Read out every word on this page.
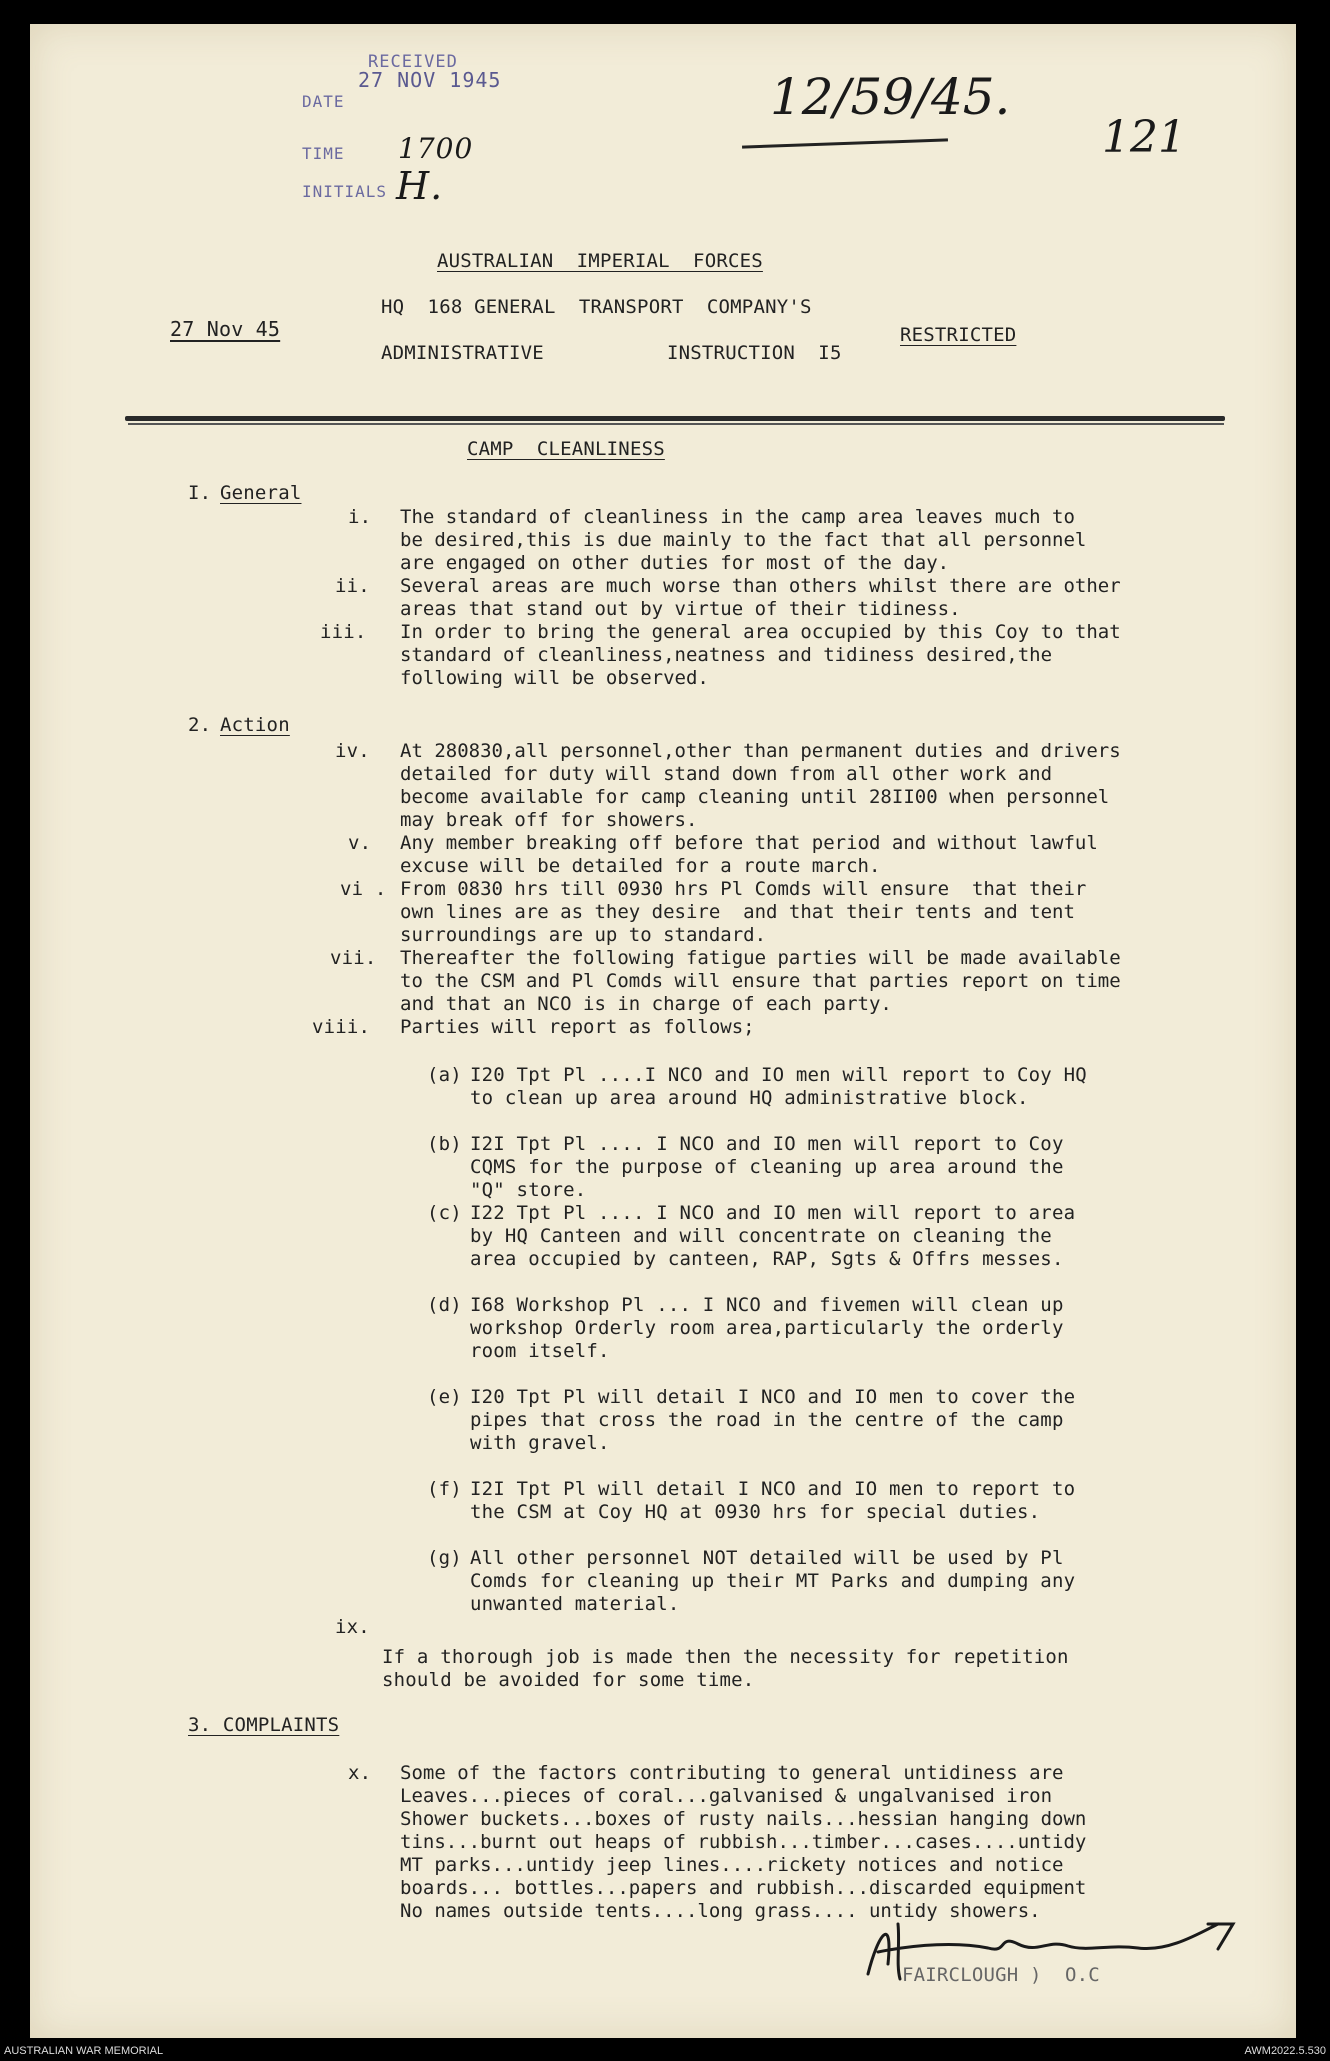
RECEIVED
DATE
27 NOV 1945
TIME 1700
INITIALS H.
12/59/45.
121
AUSTRALIAN  IMPERIAL  FORCES
HQ  168 GENERAL  TRANSPORT  COMPANY'S
ADMINISTRATIVE	INSTRUCTION  I5
27 Nov 45	RESTRICTED
CAMP  CLEANLINESS
I. General
i. The standard of cleanliness in the camp area leaves much to
be desired,this is due mainly to the fact that all personnel
are engaged on other duties for most of the day.
ii. Several areas are much worse than others whilst there are other
areas that stand out by virtue of their tidiness.
iii. In order to bring the general area occupied by this Coy to that
standard of cleanliness,neatness and tidiness desired,the
following will be observed.
2. Action
iv. At 280830,all personnel,other than permanent duties and drivers
detailed for duty will stand down from all other work and
become available for camp cleaning until 28II00 when personnel
may break off for showers.
v. Any member breaking off before that period and without lawful
excuse will be detailed for a route march.
vi . From 0830 hrs till 0930 hrs Pl Comds will ensure  that their
own lines are as they desire  and that their tents and tent
surroundings are up to standard.
vii. Thereafter the following fatigue parties will be made available
to the CSM and Pl Comds will ensure that parties report on time
and that an NCO is in charge of each party.
viii. Parties will report as follows;
(a) I20 Tpt Pl ....I NCO and IO men will report to Coy HQ
to clean up area around HQ administrative block.
(b) I2I Tpt Pl .... I NCO and IO men will report to Coy
CQMS for the purpose of cleaning up area around the
"Q" store.
(c) I22 Tpt Pl .... I NCO and IO men will report to area
by HQ Canteen and will concentrate on cleaning the
area occupied by canteen, RAP, Sgts & Offrs messes.
(d) I68 Workshop Pl ... I NCO and fivemen will clean up
workshop Orderly room area,particularly the orderly
room itself.
(e) I20 Tpt Pl will detail I NCO and IO men to cover the
pipes that cross the road in the centre of the camp
with gravel.
(f) I2I Tpt Pl will detail I NCO and IO men to report to
the CSM at Coy HQ at 0930 hrs for special duties.
(g) All other personnel NOT detailed will be used by Pl
Comds for cleaning up their MT Parks and dumping any
unwanted material.
ix.
If a thorough job is made then the necessity for repetition
should be avoided for some time.
3. COMPLAINTS
x. Some of the factors contributing to general untidiness are
Leaves...pieces of coral...galvanised & ungalvanised iron
Shower buckets...boxes of rusty nails...hessian hanging down
tins...burnt out heaps of rubbish...timber...cases....untidy
MT parks...untidy jeep lines....rickety notices and notice
boards... bottles...papers and rubbish...discarded equipment
No names outside tents....long grass.... untidy showers.
FAIRCLOUGH )  O.C
AUSTRALIAN WAR MEMORIAL	AWM2022.5.530
